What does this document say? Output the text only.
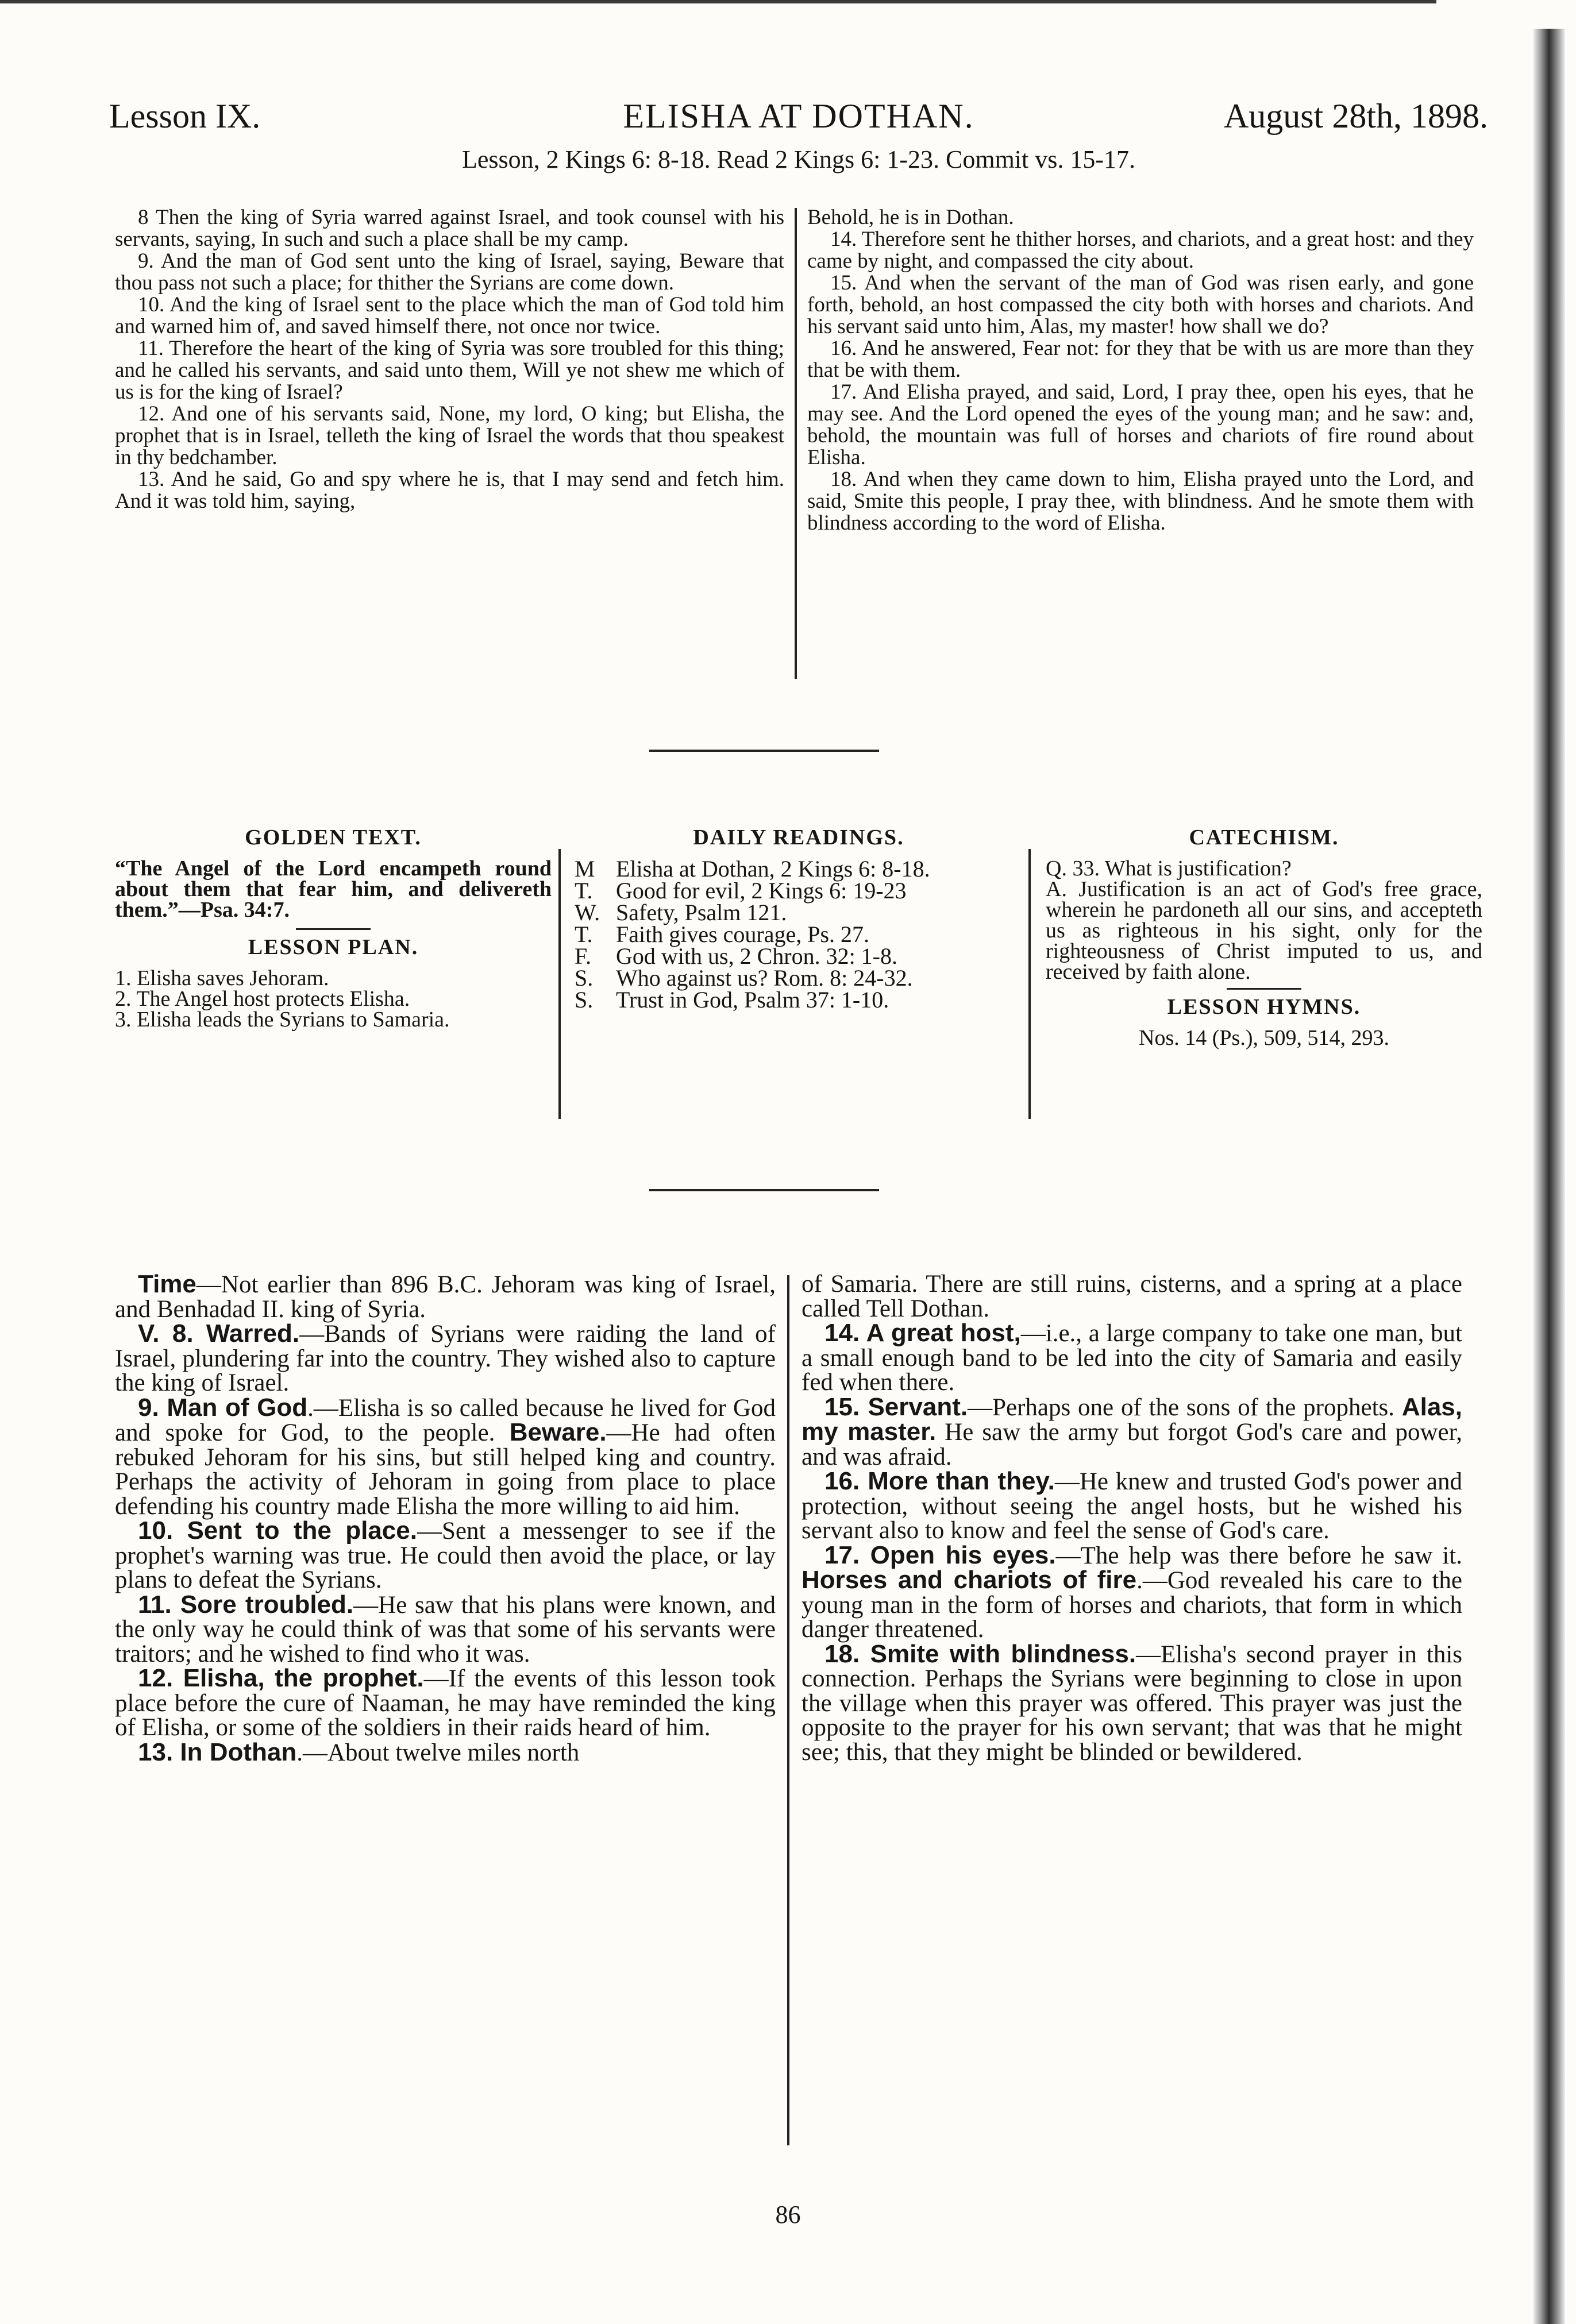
Lesson IX.	ELISHA AT DOTHAN.	August 28th, 1898.
Lesson, 2 Kings 6: 8-18. Read 2 Kings 6: 1-23. Commit vs. 15-17.

8 Then the king of Syria warred against Israel, and took counsel with his servants, saying, In such and such a place shall be my camp.

9. And the man of God sent unto the king of Israel, saying, Beware that thou pass not such a place; for thither the Syrians are come down.

10. And the king of Israel sent to the place which the man of God told him and warned him of, and saved himself there, not once nor twice.

11. Therefore the heart of the king of Syria was sore troubled for this thing; and he called his servants, and said unto them, Will ye not shew me which of us is for the king of Israel?

12. And one of his servants said, None, my lord, O king; but Elisha, the prophet that is in Israel, telleth the king of Israel the words that thou speakest in thy bedchamber.

13. And he said, Go and spy where he is, that I may send and fetch him. And it was told him, saying,

Behold, he is in Dothan.

14. Therefore sent he thither horses, and chariots, and a great host: and they came by night, and compassed the city about.

15. And when the servant of the man of God was risen early, and gone forth, behold, an host compassed the city both with horses and chariots. And his servant said unto him, Alas, my master! how shall we do?

16. And he answered, Fear not: for they that be with us are more than they that be with them.

17. And Elisha prayed, and said, Lord, I pray thee, open his eyes, that he may see. And the Lord opened the eyes of the young man; and he saw: and, behold, the mountain was full of horses and chariots of fire round about Elisha.

18. And when they came down to him, Elisha prayed unto the Lord, and said, Smite this people, I pray thee, with blindness. And he smote them with blindness according to the word of Elisha.

GOLDEN TEXT.

“The Angel of the Lord encampeth round about them that fear him, and delivereth them.”—Psa. 34:7.

LESSON PLAN.
1. Elisha saves Jehoram.
2. The Angel host protects Elisha.
3. Elisha leads the Syrians to Samaria.
DAILY READINGS.
M	Elisha at Dothan, 2 Kings 6: 8-18.
T.	Good for evil, 2 Kings 6: 19-23
W.	Safety, Psalm 121.
T.	Faith gives courage, Ps. 27.
F.	God with us, 2 Chron. 32: 1-8.
S.	Who against us? Rom. 8: 24-32.
S.	Trust in God, Psalm 37: 1-10.
CATECHISM.

Q. 33. What is justification?

A. Justification is an act of God's free grace, wherein he pardoneth all our sins, and accepteth us as righteous in his sight, only for the righteousness of Christ imputed to us, and received by faith alone.

LESSON HYMNS.

Nos. 14 (Ps.), 509, 514, 293.

Time—Not earlier than 896 B.C. Jehoram was king of Israel, and Benhadad II. king of Syria.

V. 8. Warred.—Bands of Syrians were raiding the land of Israel, plundering far into the country. They wished also to capture the king of Israel.

9. Man of God.—Elisha is so called because he lived for God and spoke for God, to the people. Beware.—He had often rebuked Jehoram for his sins, but still helped king and country. Perhaps the activity of Jehoram in going from place to place defending his country made Elisha the more willing to aid him.

10. Sent to the place.—Sent a messenger to see if the prophet's warning was true. He could then avoid the place, or lay plans to defeat the Syrians.

11. Sore troubled.—He saw that his plans were known, and the only way he could think of was that some of his servants were traitors; and he wished to find who it was.

12. Elisha, the prophet.—If the events of this lesson took place before the cure of Naaman, he may have reminded the king of Elisha, or some of the soldiers in their raids heard of him.

13. In Dothan.—About twelve miles north

of Samaria. There are still ruins, cisterns, and a spring at a place called Tell Dothan.

14. A great host,—i.e., a large company to take one man, but a small enough band to be led into the city of Samaria and easily fed when there.

15. Servant.—Perhaps one of the sons of the prophets. Alas, my master. He saw the army but forgot God's care and power, and was afraid.

16. More than they.—He knew and trusted God's power and protection, without seeing the angel hosts, but he wished his servant also to know and feel the sense of God's care.

17. Open his eyes.—The help was there before he saw it. Horses and chariots of fire.—God revealed his care to the young man in the form of horses and chariots, that form in which danger threatened.

18. Smite with blindness.—Elisha's second prayer in this connection. Perhaps the Syrians were beginning to close in upon the village when this prayer was offered. This prayer was just the opposite to the prayer for his own servant; that was that he might see; this, that they might be blinded or bewildered.

86
